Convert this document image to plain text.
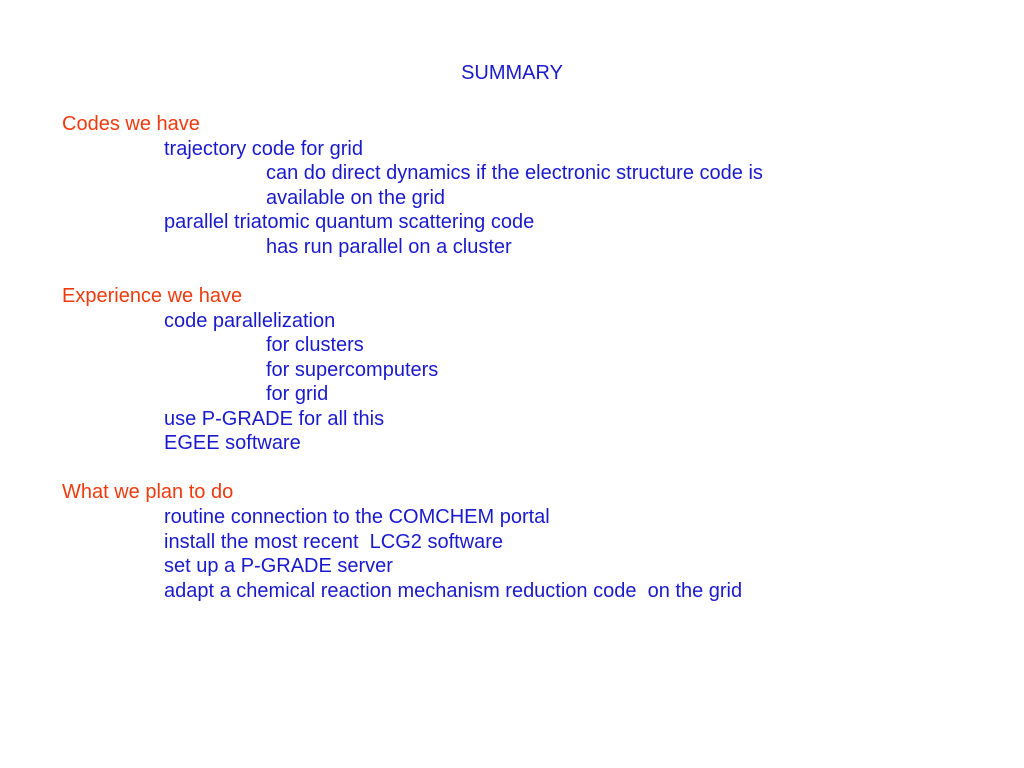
SUMMARY

Codes we have

trajectory code for grid

can do direct dynamics if the electronic structure code is

available on the grid

parallel triatomic quantum scattering code

has run parallel on a cluster

Experience we have

code parallelization

for clusters

for supercomputers

for grid

use P-GRADE for all this

EGEE software

What we plan to do

routine connection to the COMCHEM portal

install the most recent  LCG2 software

set up a P-GRADE server

adapt a chemical reaction mechanism reduction code  on the grid
